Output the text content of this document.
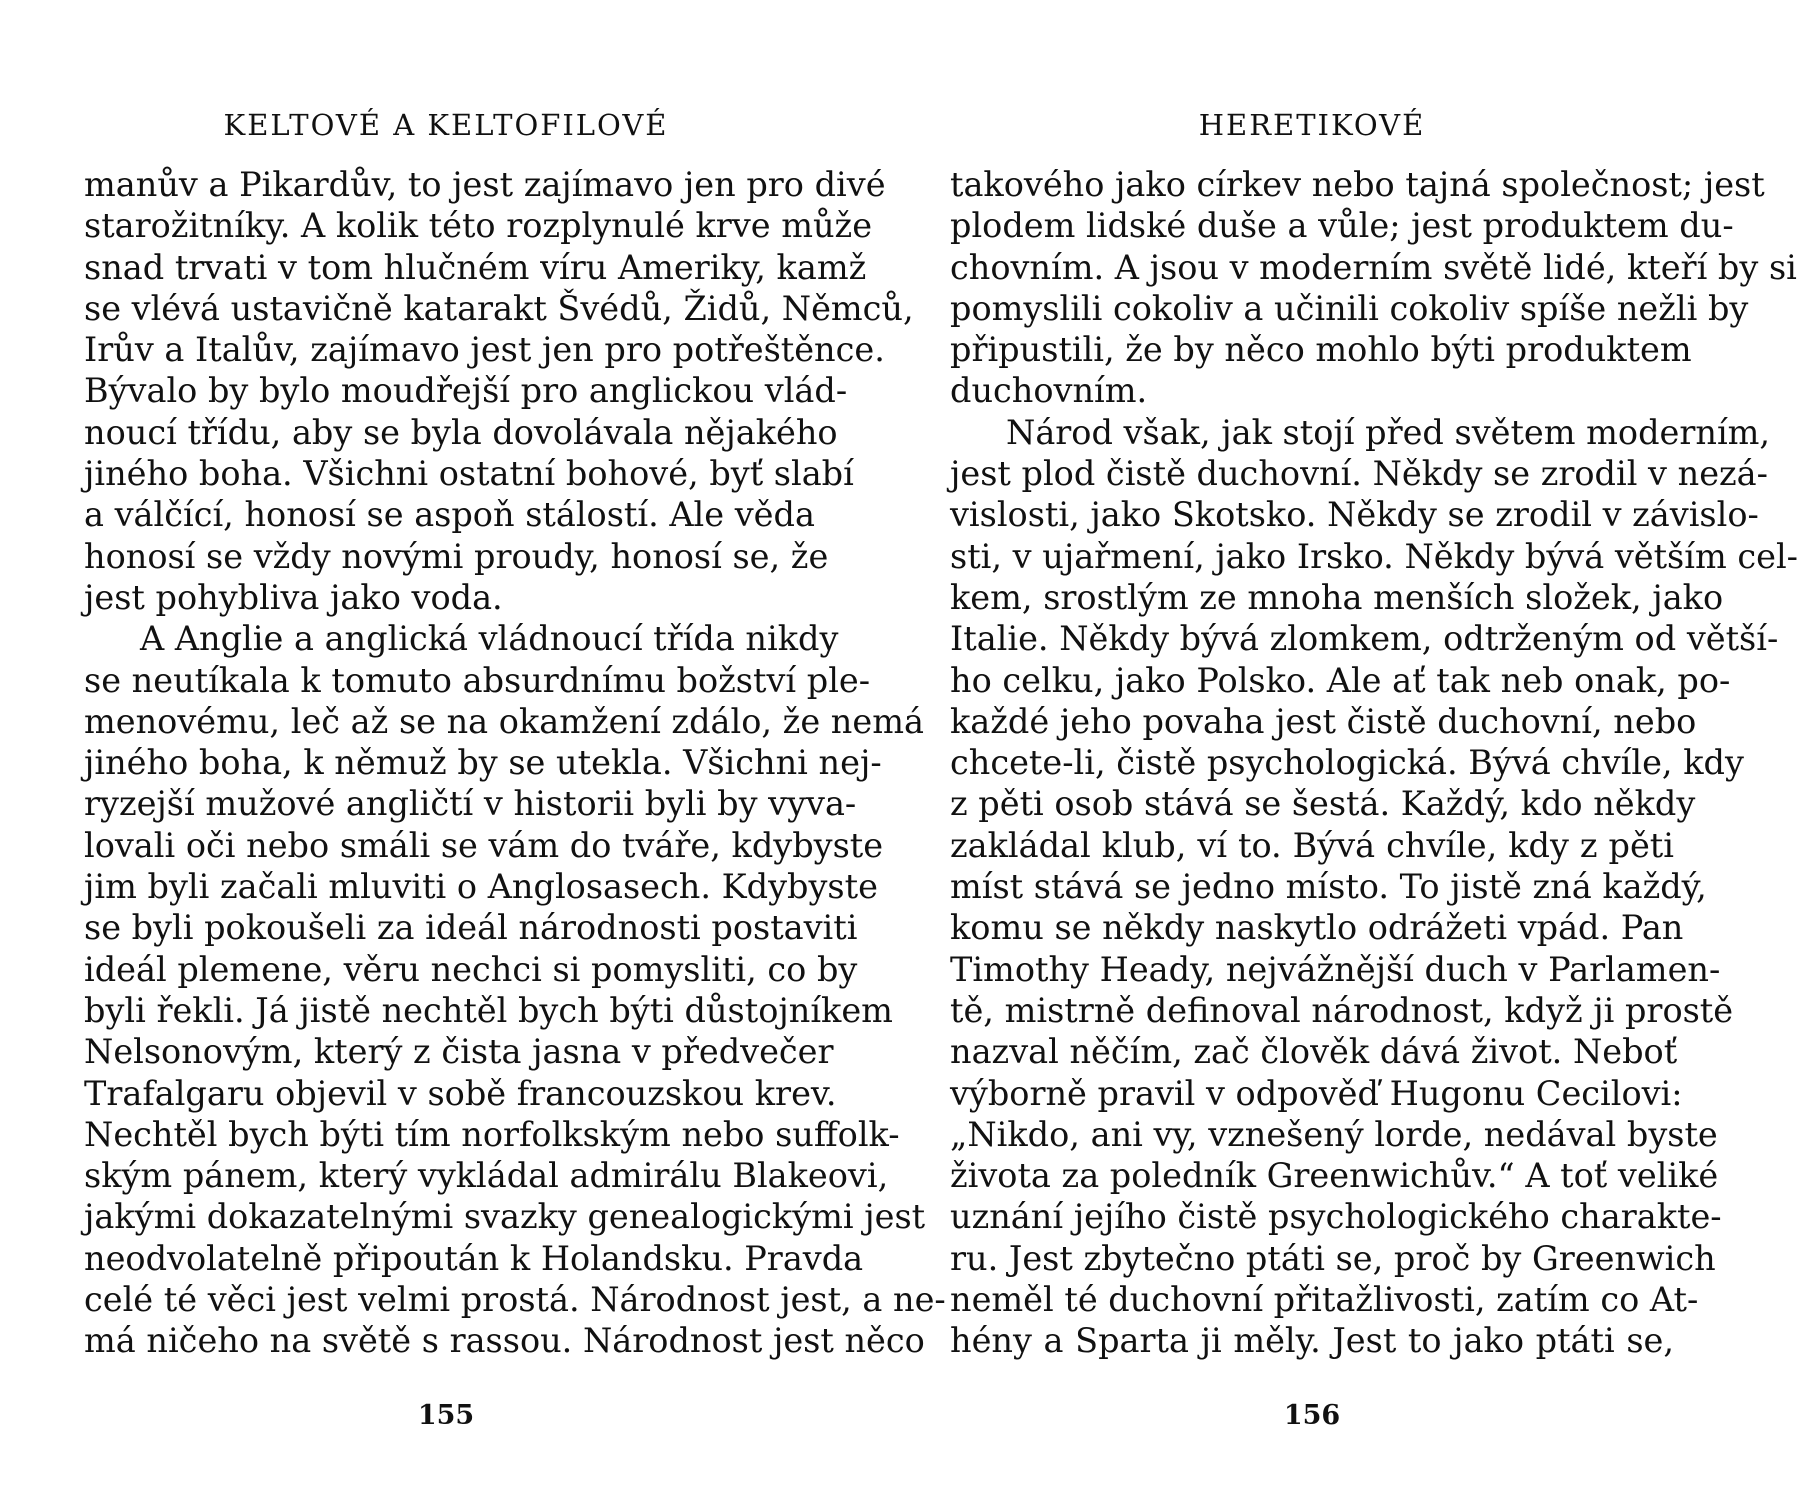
KELTOVÉ A KELTOFILOVÉ
manův a Pikardův, to jest zajímavo jen pro divé
starožitníky. A kolik této rozplynulé krve může
snad trvati v tom hlučném víru Ameriky, kamž
se vlévá ustavičně katarakt Švédů, Židů, Němců,
Irův a Italův, zajímavo jest jen pro potřeštěnce.
Bývalo by bylo moudřejší pro anglickou vlád-
noucí třídu, aby se byla dovolávala nějakého
jiného boha. Všichni ostatní bohové, byť slabí
a válčící, honosí se aspoň stálostí. Ale věda
honosí se vždy novými proudy, honosí se, že
jest pohybliva jako voda.
A Anglie a anglická vládnoucí třída nikdy
se neutíkala k tomuto absurdnímu božství ple-
menovému, leč až se na okamžení zdálo, že nemá
jiného boha, k němuž by se utekla. Všichni nej-
ryzejší mužové angličtí v historii byli by vyva-
lovali oči nebo smáli se vám do tváře, kdybyste
jim byli začali mluviti o Anglosasech. Kdybyste
se byli pokoušeli za ideál národnosti postaviti
ideál plemene, věru nechci si pomysliti, co by
byli řekli. Já jistě nechtěl bych býti důstojníkem
Nelsonovým, který z čista jasna v předvečer
Trafalgaru objevil v sobě francouzskou krev.
Nechtěl bych býti tím norfolkským nebo suffolk-
ským pánem, který vykládal admirálu Blakeovi,
jakými dokazatelnými svazky genealogickými jest
neodvolatelně připoután k Holandsku. Pravda
celé té věci jest velmi prostá. Národnost jest, a ne-
má ničeho na světě s rassou. Národnost jest něco
155
HERETIKOVÉ
takového jako církev nebo tajná společnost; jest
plodem lidské duše a vůle; jest produktem du-
chovním. A jsou v moderním světě lidé, kteří by si
pomyslili cokoliv a učinili cokoliv spíše nežli by
připustili, že by něco mohlo býti produktem
duchovním.
Národ však, jak stojí před světem moderním,
jest plod čistě duchovní. Někdy se zrodil v nezá-
vislosti, jako Skotsko. Někdy se zrodil v závislo-
sti, v ujařmení, jako Irsko. Někdy bývá větším cel-
kem, srostlým ze mnoha menších složek, jako
Italie. Někdy bývá zlomkem, odtrženým od větší-
ho celku, jako Polsko. Ale ať tak neb onak, po-
každé jeho povaha jest čistě duchovní, nebo
chcete-li, čistě psychologická. Bývá chvíle, kdy
z pěti osob stává se šestá. Každý, kdo někdy
zakládal klub, ví to. Bývá chvíle, kdy z pěti
míst stává se jedno místo. To jistě zná každý,
komu se někdy naskytlo odrážeti vpád. Pan
Timothy Heady, nejvážnější duch v Parlamen-
tě, mistrně definoval národnost, když ji prostě
nazval něčím, zač člověk dává život. Neboť
výborně pravil v odpověď Hugonu Cecilovi:
„Nikdo, ani vy, vznešený lorde, nedával byste
života za poledník Greenwichův.“ A toť veliké
uznání jejího čistě psychologického charakte-
ru. Jest zbytečno ptáti se, proč by Greenwich
neměl té duchovní přitažlivosti, zatím co At-
hény a Sparta ji měly. Jest to jako ptáti se,
156
